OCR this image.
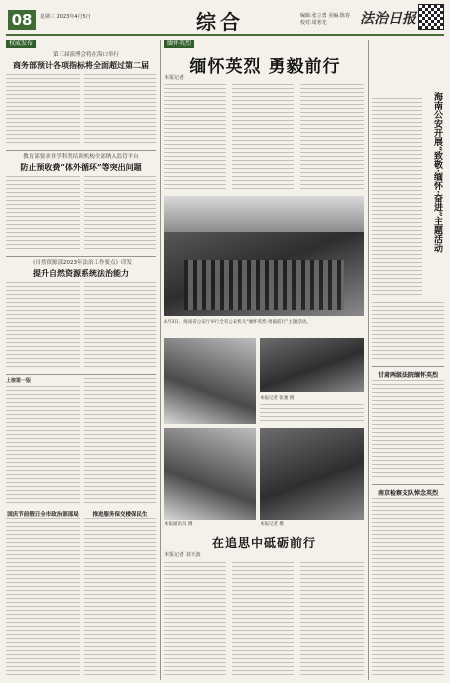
08	星期三 2023年4月5日	综合	编辑:张立勇 美编:陈春
校对:周寒光	法治日报
权威发布
第三届演博会将在海口举行
商务部预计各项指标将全面超过第二届
教育部要求非学科类培训机构全部纳入监管平台
防止预收费“体外循环”等突出问题
《自然资源部2023年法治工作要点》印发
提升自然资源系统法治能力
上接第一版
推进服务保交楼保民生
国庆节前假日全市政治部部局
缅怀英烈
缅怀英烈 勇毅前行
本报记者
4月3日，海南省公安厅举行全省公安机关“缅怀英烈·勇毅前行”主题活动。
本报记者 张驰 摄
本报通讯员 摄	本报记者 摄
在追思中砥砺前行
本报记者 刘天波
海南公安开展“致敬·缅怀·奋进”主题活动
甘肃两级法院缅怀英烈
南京检察支队悼念英烈
